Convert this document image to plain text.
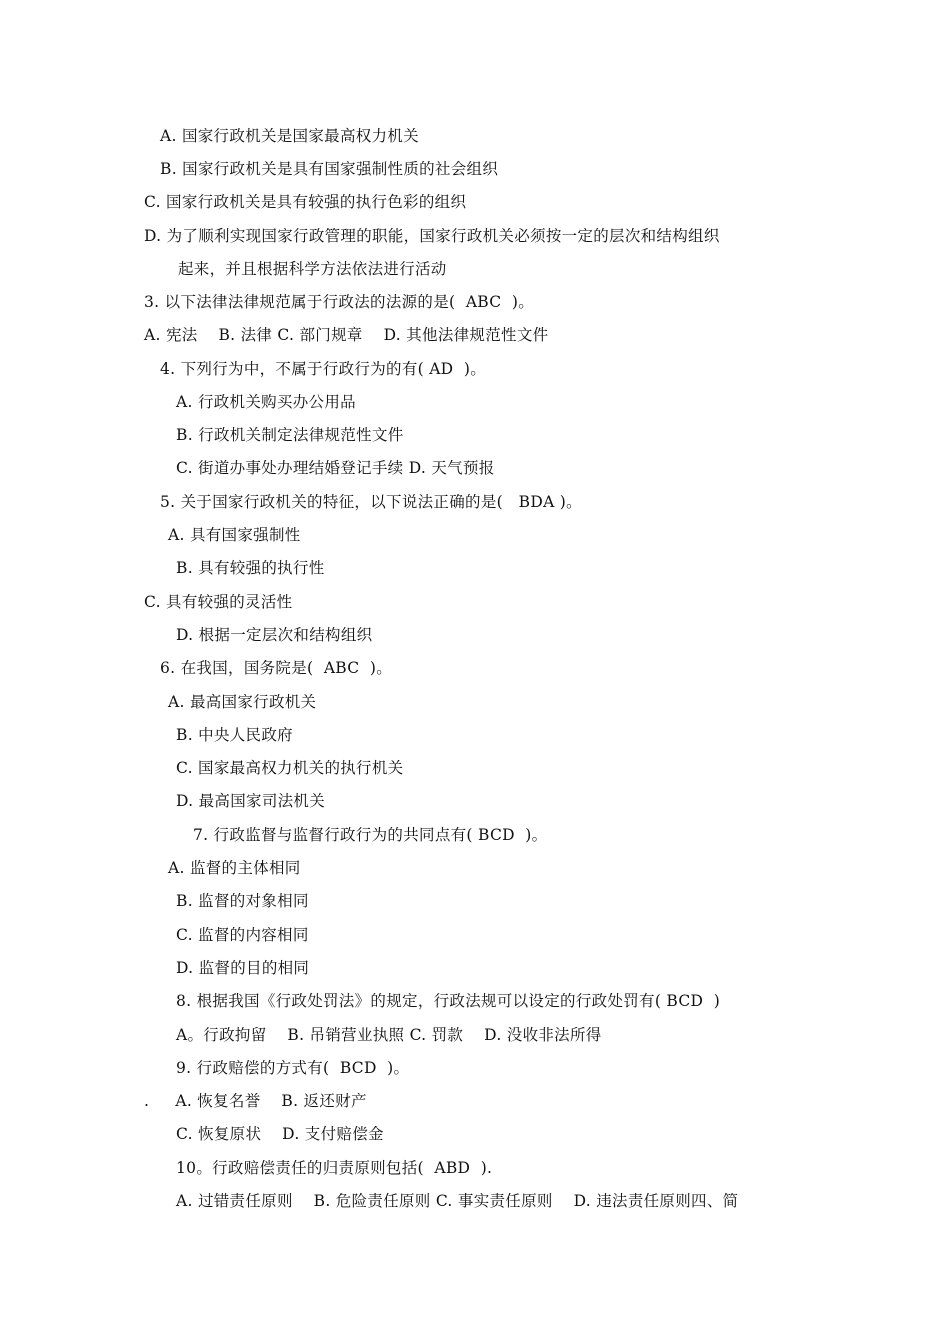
A. 国家行政机关是国家最高权力机关
B. 国家行政机关是具有国家强制性质的社会组织
C. 国家行政机关是具有较强的执行色彩的组织
D. 为了顺利实现国家行政管理的职能，国家行政机关必须按一定的层次和结构组织
起来，并且根据科学方法依法进行活动
3. 以下法律法律规范属于行政法的法源的是(  ABC  )。
A. 宪法    B. 法律 C. 部门规章    D. 其他法律规范性文件
4. 下列行为中，不属于行政行为的有( AD  )。
A. 行政机关购买办公用品
B. 行政机关制定法律规范性文件
C. 街道办事处办理结婚登记手续 D. 天气预报
5. 关于国家行政机关的特征，以下说法正确的是(   BDA )。
A. 具有国家强制性
B. 具有较强的执行性
C. 具有较强的灵活性
D. 根据一定层次和结构组织
6. 在我国，国务院是(  ABC  )。
A. 最高国家行政机关
B. 中央人民政府
C. 国家最高权力机关的执行机关
D. 最高国家司法机关
7. 行政监督与监督行政行为的共同点有( BCD  )。
A. 监督的主体相同
B. 监督的对象相同
C. 监督的内容相同
D. 监督的目的相同
8. 根据我国《行政处罚法》的规定，行政法规可以设定的行政处罚有( BCD  )
A。行政拘留    B. 吊销营业执照 C. 罚款    D. 没收非法所得
9. 行政赔偿的方式有(  BCD  )。
.     A. 恢复名誉    B. 返还财产
C. 恢复原状    D. 支付赔偿金
10。行政赔偿责任的归责原则包括(  ABD  ).
A. 过错责任原则    B. 危险责任原则 C. 事实责任原则    D. 违法责任原则四、简
